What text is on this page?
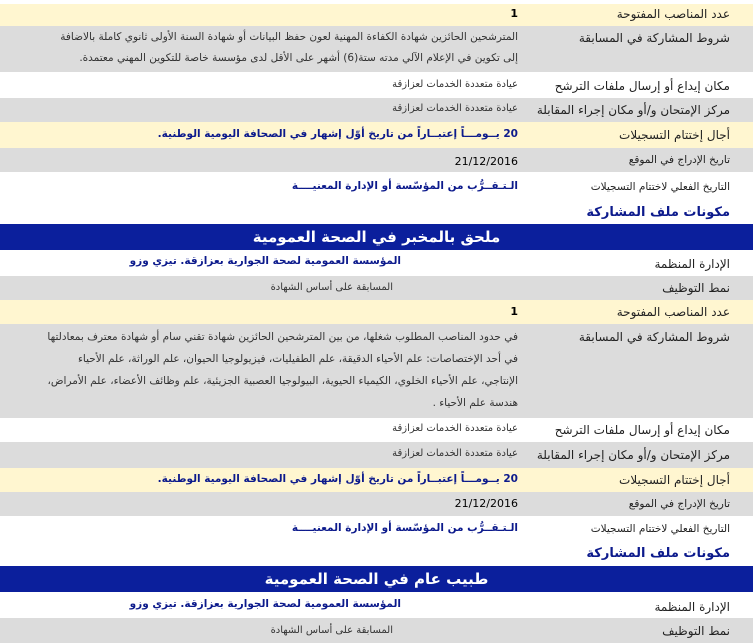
عدد المناصب المفتوحة
1
شروط المشاركة في المسابقة
المترشحين الحائزين شهادة الكفاءة المهنية لعون حفظ البيانات أو شهادة السنة الأولى ثانوي كاملة بالاضافة
إلى تكوين في الإعلام الآلي مدته ستة(6) أشهر على الأقل لدى مؤسسة خاصة للتكوين المهني معتمدة.
مكان إيداع أو إرسال ملفات الترشح
عيادة متعددة الخدمات لعزازقة
مركز الإمتحان و/أو مكان إجراء المقابلة
عيادة متعددة الخدمات لعزازقة
أجال إختتام التسجيلات
20 يــومـــاً إعتبــاراً من تاريخ أوّل إشهار في الصحافة اليومية الوطنية.
تاريخ الإدراج في الموقع
21/12/2016
التاريخ الفعلي لاختتام التسجيلات
الـتـقــرُّب من المؤسّسة أو الإدارة المعنيــــة
مكونات ملف المشاركة
ملحق بالمخبر في الصحة العمومية
الإدارة المنظمة
المؤسسة العمومية لصحة الجوارية بعزازقة. تيزي وزو
نمط التوظيف
المسابقة على أساس الشهادة
عدد المناصب المفتوحة
1
شروط المشاركة في المسابقة
في حدود المناصب المطلوب شغلها، من بين المترشحين الحائزين شهادة تقني سام أو شهادة معترف بمعادلتها
في أحد الإختصاصات: علم الأحياء الدقيقة، علم الطفيليات، فيزيولوجيا الحيوان، علم الوراثة، علم الأحياء
الإنتاجي، علم الأحياء الخلوي، الكيمياء الحيوية، البيولوجيا العصبية الجزيئية، علم وظائف الأعضاء، علم الأمراض،
هندسة علم الأحياء .
مكان إيداع أو إرسال ملفات الترشح
عيادة متعددة الخدمات لعزازقة
مركز الإمتحان و/أو مكان إجراء المقابلة
عيادة متعددة الخدمات لعزازقة
أجال إختتام التسجيلات
20 يــومـــاً إعتبــاراً من تاريخ أوّل إشهار في الصحافة اليومية الوطنية.
تاريخ الإدراج في الموقع
21/12/2016
التاريخ الفعلي لاختتام التسجيلات
الـتـقــرُّب من المؤسّسة أو الإدارة المعنيــــة
مكونات ملف المشاركة
طبيب عام في الصحة العمومية
الإدارة المنظمة
المؤسسة العمومية لصحة الجوارية بعزازقة. تيزي وزو
نمط التوظيف
المسابقة على أساس الشهادة
